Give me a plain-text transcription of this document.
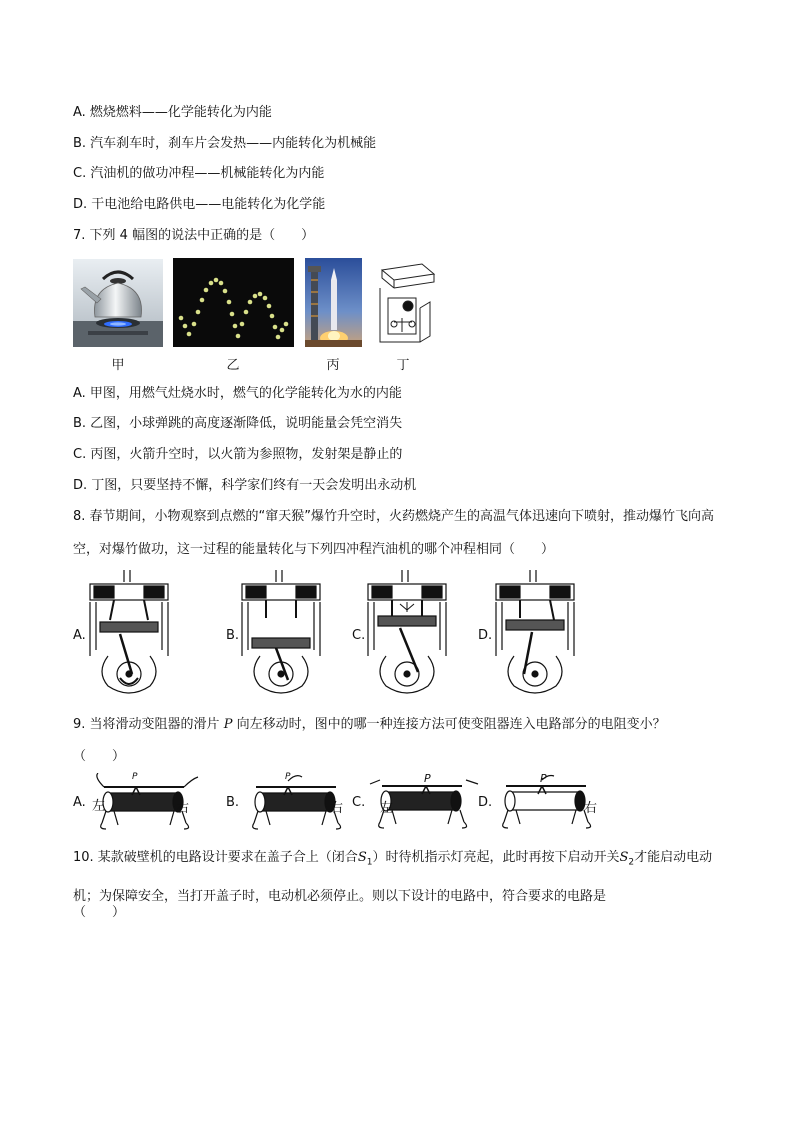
A. 燃烧燃料——化学能转化为内能
B. 汽车刹车时，刹车片会发热——内能转化为机械能
C. 汽油机的做功冲程——机械能转化为内能
D. 干电池给电路供电——电能转化为化学能
7. 下列 4 幅图的说法中正确的是（　　）
甲	乙	丙	丁
A. 甲图，用燃气灶烧水时，燃气的化学能转化为水的内能
B. 乙图，小球弹跳的高度逐渐降低，说明能量会凭空消失
C. 丙图，火箭升空时，以火箭为参照物，发射架是静止的
D. 丁图，只要坚持不懈，科学家们终有一天会发明出永动机
8. 春节期间，小物观察到点燃的“窜天猴”爆竹升空时，火药燃烧产生的高温气体迅速向下喷射，推动爆竹飞向高空，对爆竹做功，这一过程的能量转化与下列四冲程汽油机的哪个冲程相同（　　）
A.	B.	C.	D.
9. 当将滑动变阻器的滑片 P 向左移动时，图中的哪一种连接方法可使变阻器连入电路部分的电阻变小？
（　　）
A. 左	右
P
B.	右
P
C. 左
P
D.	右
P
10. 某款破壁机的电路设计要求在盖子合上（闭合$S_1$）时待机指示灯亮起，此时再按下启动开关$S_2$才能启动电动机；为保障安全，当打开盖子时，电动机必须停止。则以下设计的电路中，符合要求的电路是
（　　）
